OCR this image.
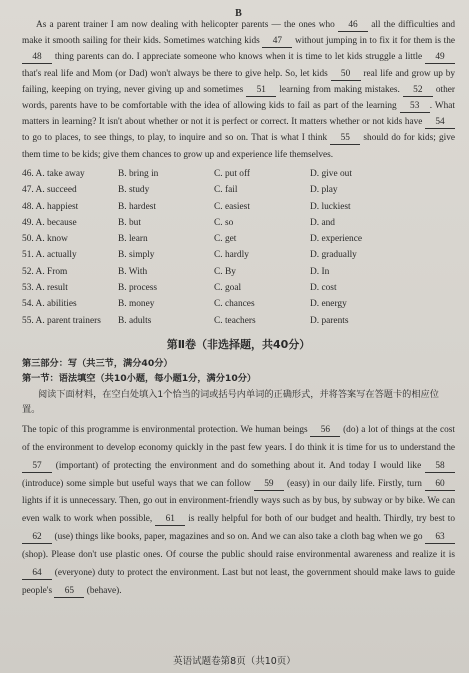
B

As a parent trainer I am now dealing with helicopter parents — the ones who 46 all the difficulties and make it smooth sailing for their kids. Sometimes watching kids 47 without jumping in to fix it for them is the 48 thing parents can do. I appreciate someone who knows when it is time to let kids struggle a little 49 that's real life and Mom (or Dad) won't always be there to give help. So, let kids 50 real life and grow up by failing, keeping on trying, never giving up and sometimes 51 learning from making mistakes. 52 other words, parents have to be comfortable with the idea of allowing kids to fail as part of the learning 53 . What matters in learning? It isn't about whether or not it is perfect or correct. It matters whether or not kids have 54 to go to places, to see things, to play, to inquire and so on. That is what I think 55 should do for kids; give them time to be kids; give them chances to grow up and experience life themselves.

46. A. take away	B. bring in	C. put off	D. give out
47. A. succeed	B. study	C. fail	D. play
48. A. happiest	B. hardest	C. easiest	D. luckiest
49. A. because	B. but	C. so	D. and
50. A. know	B. learn	C. get	D. experience
51. A. actually	B. simply	C. hardly	D. gradually
52. A. From	B. With	C. By	D. In
53. A. result	B. process	C. goal	D. cost
54. A. abilities	B. money	C. chances	D. energy
55. A. parent trainers	B. adults	C. teachers	D. parents
第Ⅱ卷（非选择题，共40分）
第三部分：写（共三节，满分40分）
第一节：语法填空（共10小题，每小题1分，满分10分）
阅读下面材料，在空白处填入1个恰当的词或括号内单词的正确形式，并将答案写在答题卡的相应位置。

The topic of this programme is environmental protection. We human beings 56 (do) a lot of things at the cost of the environment to develop economy quickly in the past few years. I do think it is time for us to understand the 57 (important) of protecting the environment and do something about it. And today I would like 58 (introduce) some simple but useful ways that we can follow 59 (easy) in our daily life. Firstly, turn 60 lights if it is unnecessary. Then, go out in environment-friendly ways such as by bus, by subway or by bike. We can even walk to work when possible, 61 is really helpful for both of our budget and health. Thirdly, try best to 62 (use) things like books, paper, magazines and so on. And we can also take a cloth bag when we go 63 (shop). Please don't use plastic ones. Of course the public should raise environmental awareness and realize it is 64 (everyone) duty to protect the environment. Last but not least, the government should make laws to guide people's 65 (behave).

英语试题卷第8页（共10页）
